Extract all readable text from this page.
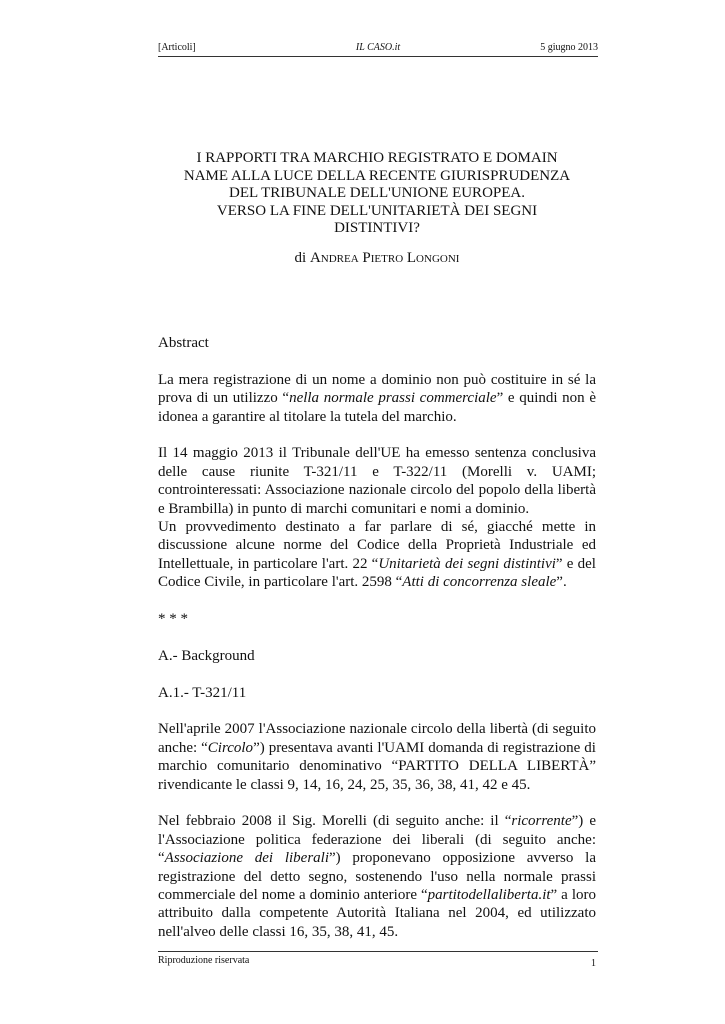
[Articoli]	IL CASO.it	5 giugno 2013
I RAPPORTI TRA MARCHIO REGISTRATO E DOMAIN
NAME ALLA LUCE DELLA RECENTE GIURISPRUDENZA
DEL TRIBUNALE DELL'UNIONE EUROPEA.
VERSO LA FINE DELL'UNITARIETÀ DEI SEGNI
DISTINTIVI?
di Andrea Pietro Longoni

Abstract

La mera registrazione di un nome a dominio non può costituire in sé la prova di un utilizzo “nella normale prassi commerciale” e quindi non è idonea a garantire al titolare la tutela del marchio.

Il 14 maggio 2013 il Tribunale dell'UE ha emesso sentenza conclusiva delle cause riunite T-321/11 e T-322/11 (Morelli v. UAMI; controinteressati: Associazione nazionale circolo del popolo della libertà e Brambilla) in punto di marchi comunitari e nomi a dominio.

Un provvedimento destinato a far parlare di sé, giacché mette in discussione alcune norme del Codice della Proprietà Industriale ed Intellettuale, in particolare l'art. 22 “Unitarietà dei segni distintivi” e del Codice Civile, in particolare l'art. 2598 “Atti di concorrenza sleale”.

* * *

A.- Background

A.1.- T-321/11

Nell'aprile 2007 l'Associazione nazionale circolo della libertà (di seguito anche: “Circolo”) presentava avanti l'UAMI domanda di registrazione di marchio comunitario denominativo “PARTITO DELLA LIBERTÀ” rivendicante le classi 9, 14, 16, 24, 25, 35, 36, 38, 41, 42 e 45.

Nel febbraio 2008 il Sig. Morelli (di seguito anche: il “ricorrente”) e l'Associazione politica federazione dei liberali (di seguito anche: “Associazione dei liberali”) proponevano opposizione avverso la registrazione del detto segno, sostenendo l'uso nella normale prassi commerciale del nome a dominio anteriore “partitodellaliberta.it” a loro attribuito dalla competente Autorità Italiana nel 2004, ed utilizzato nell'alveo delle classi 16, 35, 38, 41, 45.

Riproduzione riservata	1
